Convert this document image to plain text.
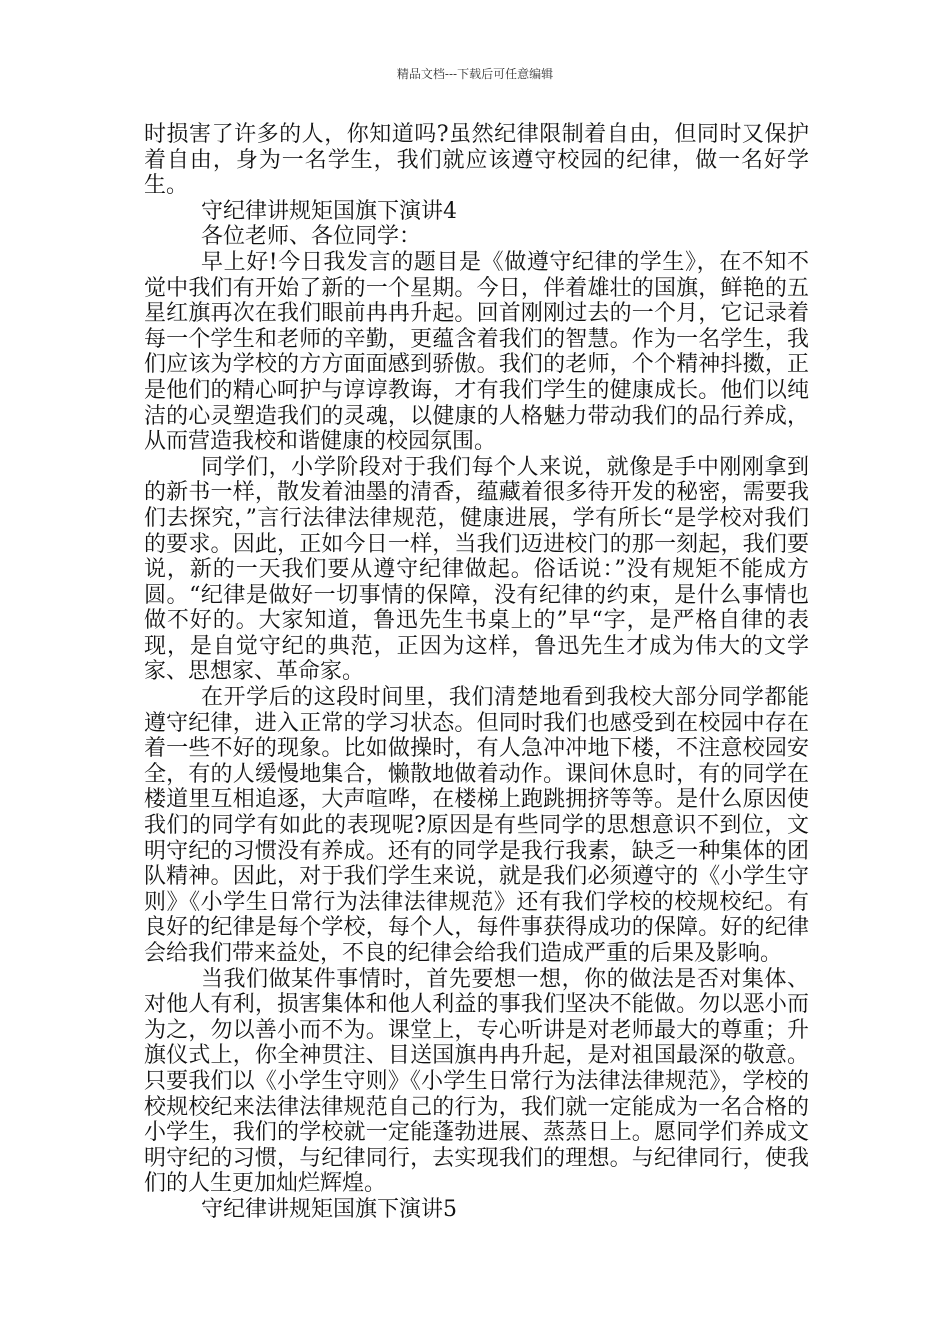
精品文档---下载后可任意编辑

时损害了许多的人，你知道吗?虽然纪律限制着自由，但同时又保护着自由，身为一名学生，我们就应该遵守校园的纪律，做一名好学生。

守纪律讲规矩国旗下演讲4

各位老师、各位同学：

早上好!今日我发言的题目是《做遵守纪律的学生》，在不知不觉中我们有开始了新的一个星期。今日，伴着雄壮的国旗，鲜艳的五星红旗再次在我们眼前冉冉升起。回首刚刚过去的一个月，它记录着每一个学生和老师的辛勤，更蕴含着我们的智慧。作为一名学生，我们应该为学校的方方面面感到骄傲。我们的老师，个个精神抖擞，正是他们的精心呵护与谆谆教诲，才有我们学生的健康成长。他们以纯洁的心灵塑造我们的灵魂，以健康的人格魅力带动我们的品行养成，从而营造我校和谐健康的校园氛围。

同学们，小学阶段对于我们每个人来说，就像是手中刚刚拿到的新书一样，散发着油墨的清香，蕴藏着很多待开发的秘密，需要我们去探究，”言行法律法律规范，健康进展，学有所长“是学校对我们的要求。因此，正如今日一样，当我们迈进校门的那一刻起，我们要说，新的一天我们要从遵守纪律做起。俗话说：”没有规矩不能成方圆。“纪律是做好一切事情的保障，没有纪律的约束，是什么事情也做不好的。大家知道，鲁迅先生书桌上的”早“字，是严格自律的表现，是自觉守纪的典范，正因为这样，鲁迅先生才成为伟大的文学家、思想家、革命家。

在开学后的这段时间里，我们清楚地看到我校大部分同学都能遵守纪律，进入正常的学习状态。但同时我们也感受到在校园中存在着一些不好的现象。比如做操时，有人急冲冲地下楼，不注意校园安全，有的人缓慢地集合，懒散地做着动作。课间休息时，有的同学在楼道里互相追逐，大声喧哗，在楼梯上跑跳拥挤等等。是什么原因使我们的同学有如此的表现呢?原因是有些同学的思想意识不到位，文明守纪的习惯没有养成。还有的同学是我行我素，缺乏一种集体的团队精神。因此，对于我们学生来说，就是我们必须遵守的《小学生守则》《小学生日常行为法律法律规范》还有我们学校的校规校纪。有良好的纪律是每个学校，每个人，每件事获得成功的保障。好的纪律会给我们带来益处，不良的纪律会给我们造成严重的后果及影响。

当我们做某件事情时，首先要想一想，你的做法是否对集体、对他人有利，损害集体和他人利益的事我们坚决不能做。勿以恶小而为之，勿以善小而不为。课堂上，专心听讲是对老师最大的尊重；升旗仪式上，你全神贯注、目送国旗冉冉升起，是对祖国最深的敬意。只要我们以《小学生守则》《小学生日常行为法律法律规范》，学校的校规校纪来法律法律规范自己的行为，我们就一定能成为一名合格的小学生，我们的学校就一定能蓬勃进展、蒸蒸日上。愿同学们养成文明守纪的习惯，与纪律同行，去实现我们的理想。与纪律同行，使我们的人生更加灿烂辉煌。

守纪律讲规矩国旗下演讲5
